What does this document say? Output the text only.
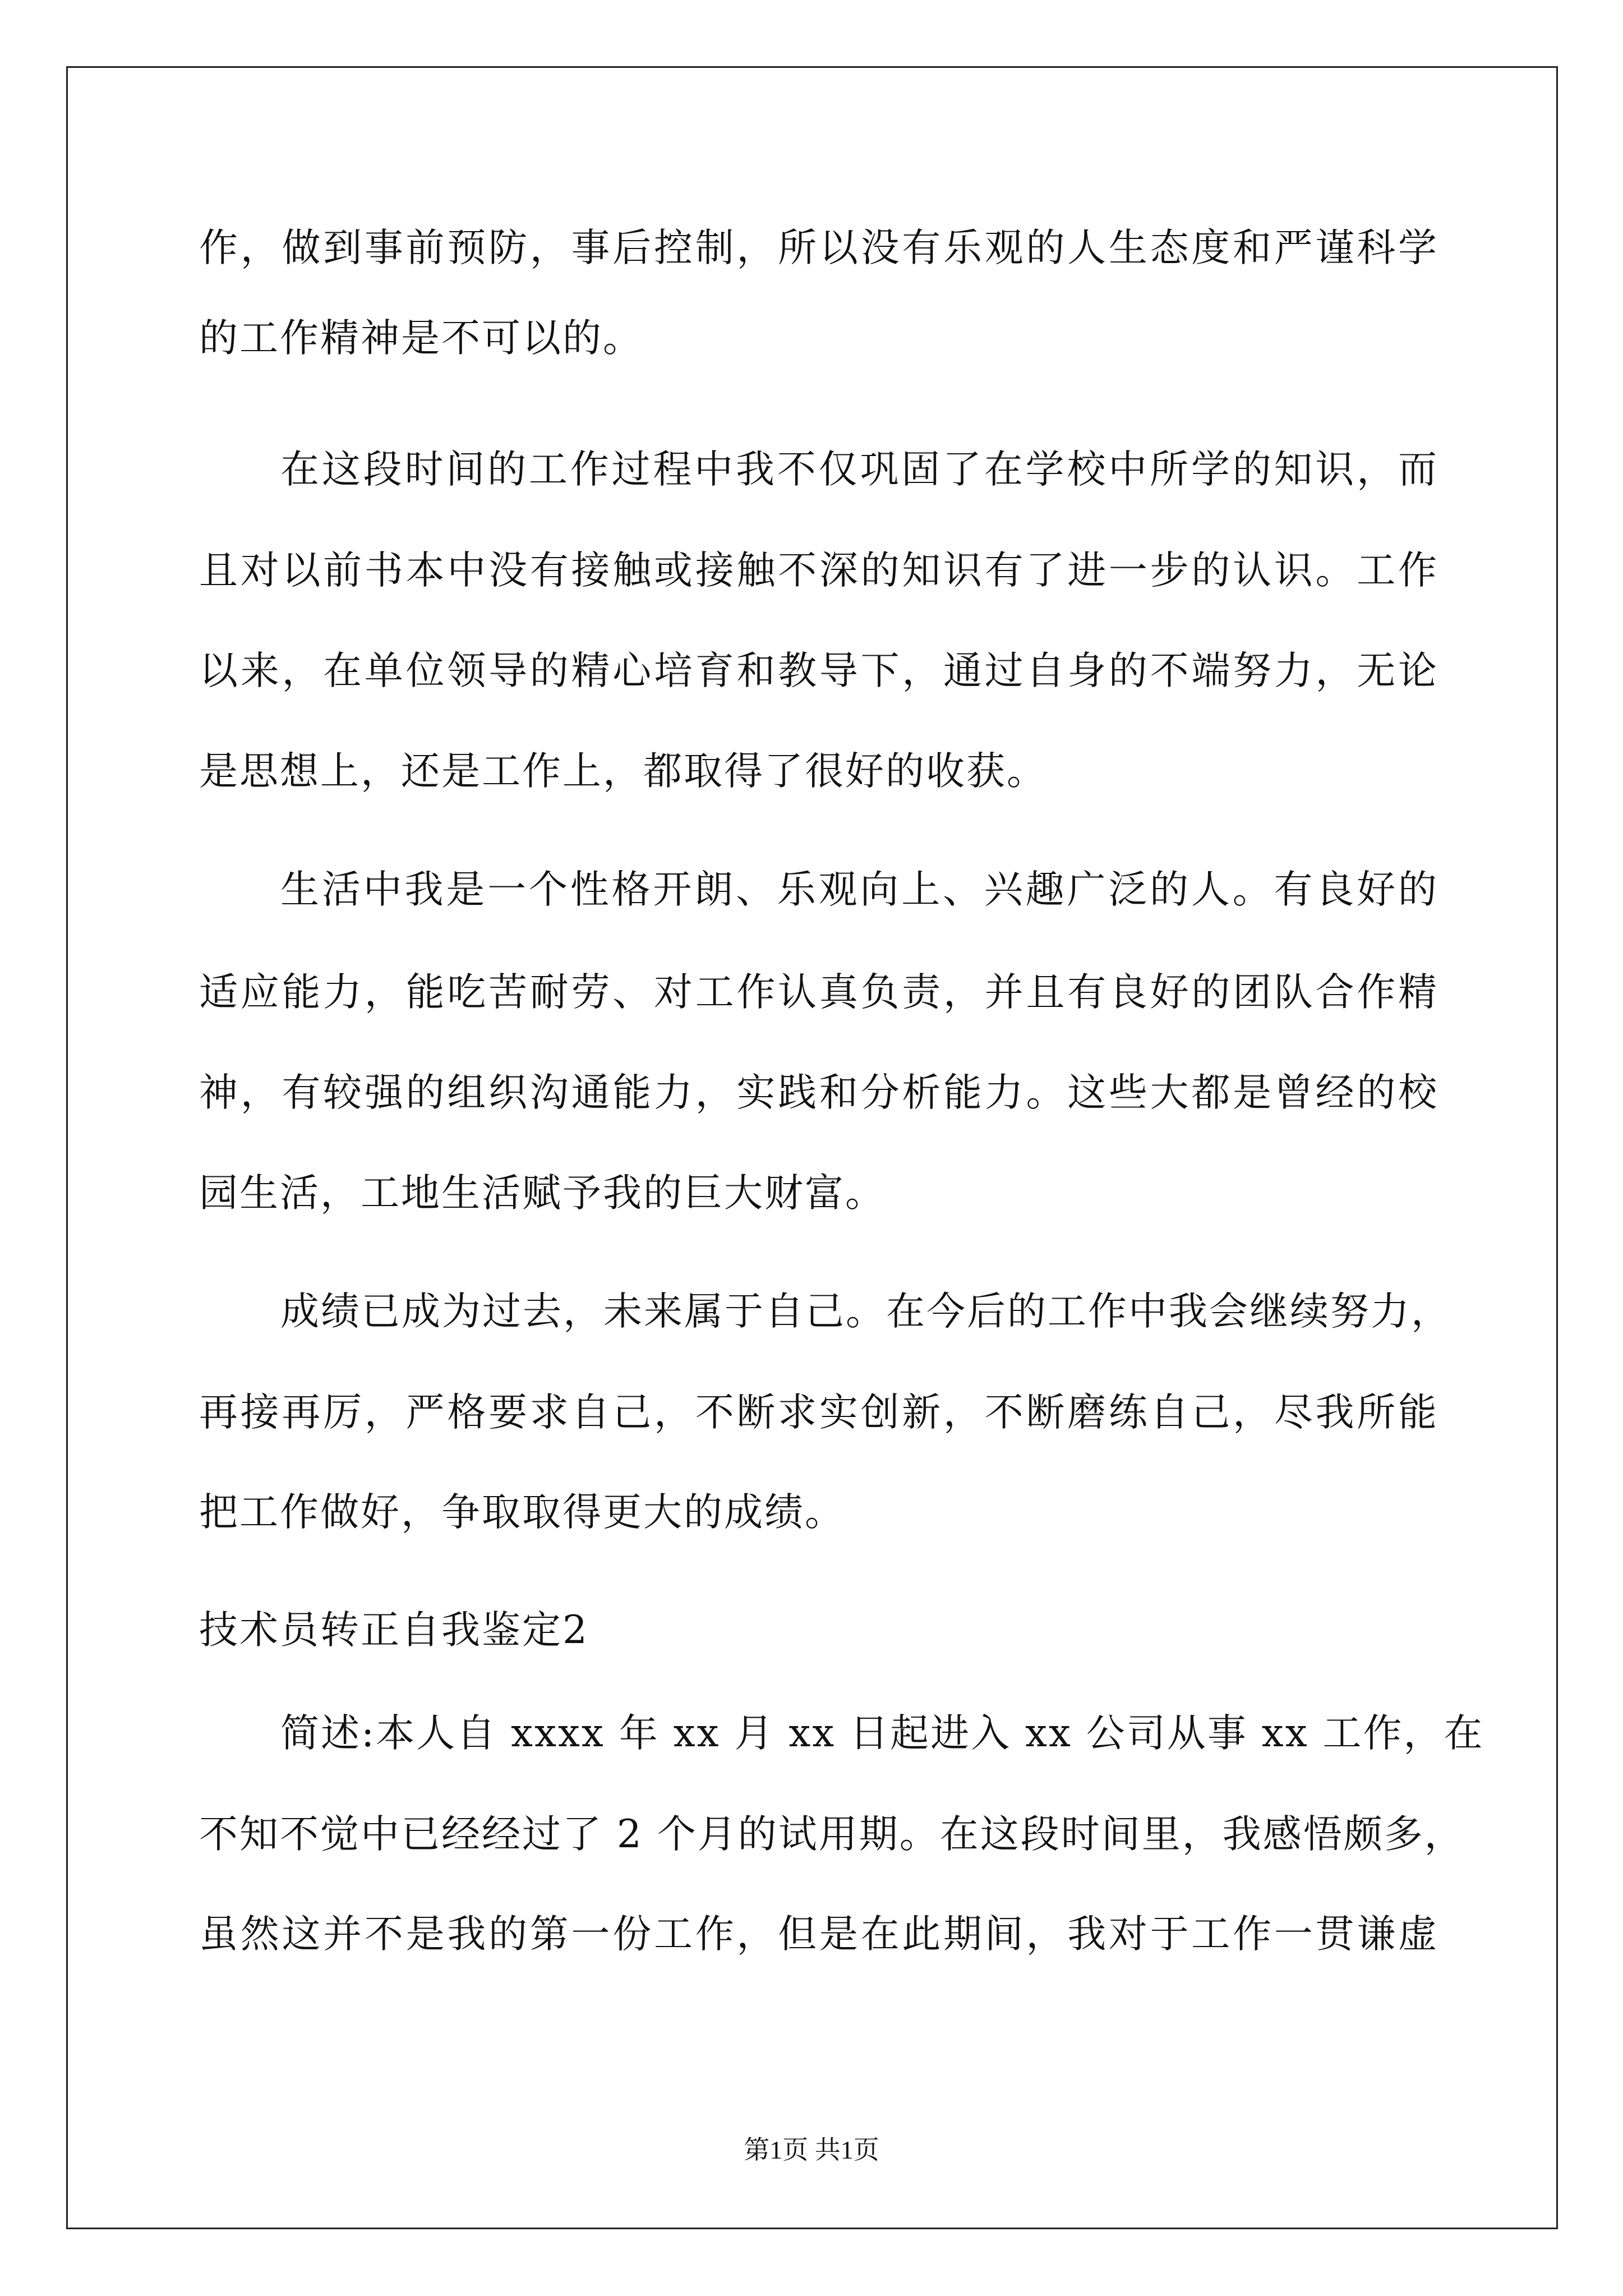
作，做到事前预防，事后控制，所以没有乐观的人生态度和严谨科学
的工作精神是不可以的。
在这段时间的工作过程中我不仅巩固了在学校中所学的知识，而
且对以前书本中没有接触或接触不深的知识有了进一步的认识。工作
以来，在单位领导的精心培育和教导下，通过自身的不端努力，无论
是思想上，还是工作上，都取得了很好的收获。
生活中我是一个性格开朗、乐观向上、兴趣广泛的人。有良好的
适应能力，能吃苦耐劳、对工作认真负责，并且有良好的团队合作精
神，有较强的组织沟通能力，实践和分析能力。这些大都是曾经的校
园生活，工地生活赋予我的巨大财富。
成绩已成为过去，未来属于自己。在今后的工作中我会继续努力，
再接再厉，严格要求自己，不断求实创新，不断磨练自己，尽我所能
把工作做好，争取取得更大的成绩。
技术员转正自我鉴定2
简述:本人自 xxxx 年 xx 月 xx 日起进入 xx 公司从事 xx 工作，在
不知不觉中已经经过了 2 个月的试用期。在这段时间里，我感悟颇多，
虽然这并不是我的第一份工作，但是在此期间，我对于工作一贯谦虚
第1页 共1页
